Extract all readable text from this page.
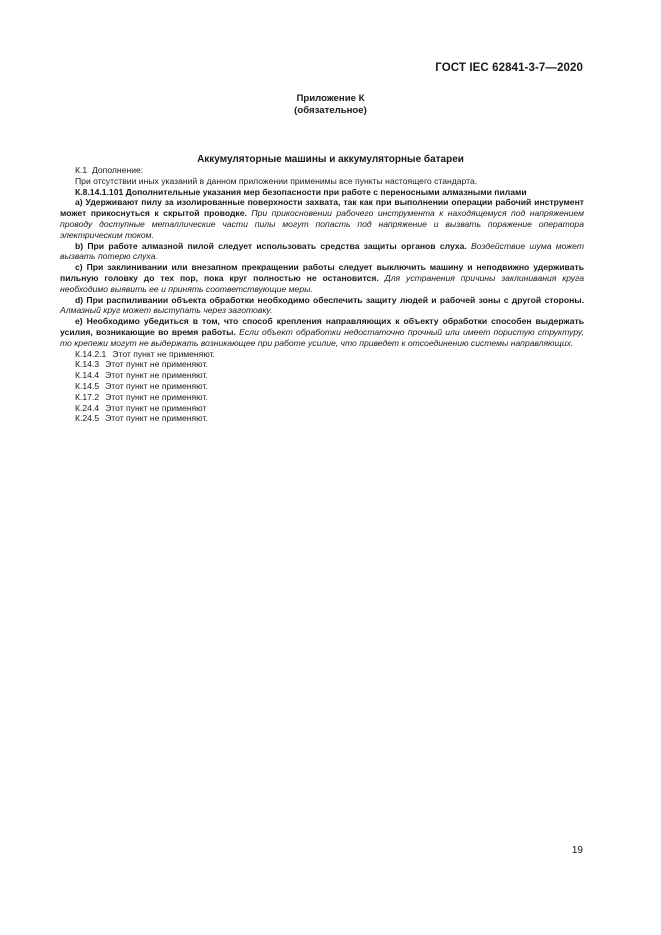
ГОСТ IEC 62841-3-7—2020
Приложение К
(обязательное)
Аккумуляторные машины и аккумуляторные батареи

К.1 Дополнение:

При отсутствии иных указаний в данном приложении применимы все пункты настоящего стандарта.

К.8.14.1.101 Дополнительные указания мер безопасности при работе с переносными алмазными пилами

а) Удерживают пилу за изолированные поверхности захвата, так как при выполнении операции рабочий инструмент может прикоснуться к скрытой проводке. При прикосновении рабочего инструмента к находящемуся под напряжением проводу доступные металлические части пилы могут попасть под напряжение и вызвать поражение оператора электрическим током.

b) При работе алмазной пилой следует использовать средства защиты органов слуха. Воздействие шума может вызвать потерю слуха.

с) При заклинивании или внезапном прекращении работы следует выключить машину и неподвижно удерживать пильную головку до тех пор, пока круг полностью не остановится. Для устранения причины заклинивания круга необходимо выявить ее и принять соответствующие меры.

d) При распиливании объекта обработки необходимо обеспечить защиту людей и рабочей зоны с другой стороны. Алмазный круг может выступать через заготовку.

е) Необходимо убедиться в том, что способ крепления направляющих к объекту обработки способен выдержать усилия, возникающие во время работы. Если объект обработки недостаточно прочный или имеет пористую структуру, то крепежи могут не выдержать возникающее при работе усилие, что приведет к отсоединению системы направляющих.

К.14.2.1 Этот пункт не применяют.
К.14.3 Этот пункт не применяют.
К.14.4 Этот пункт не применяют.
К.14.5 Этот пункт не применяют.
К.17.2 Этот пункт не применяют.
К.24.4 Этот пункт не применяют
К.24.5 Этот пункт не применяют.
19
